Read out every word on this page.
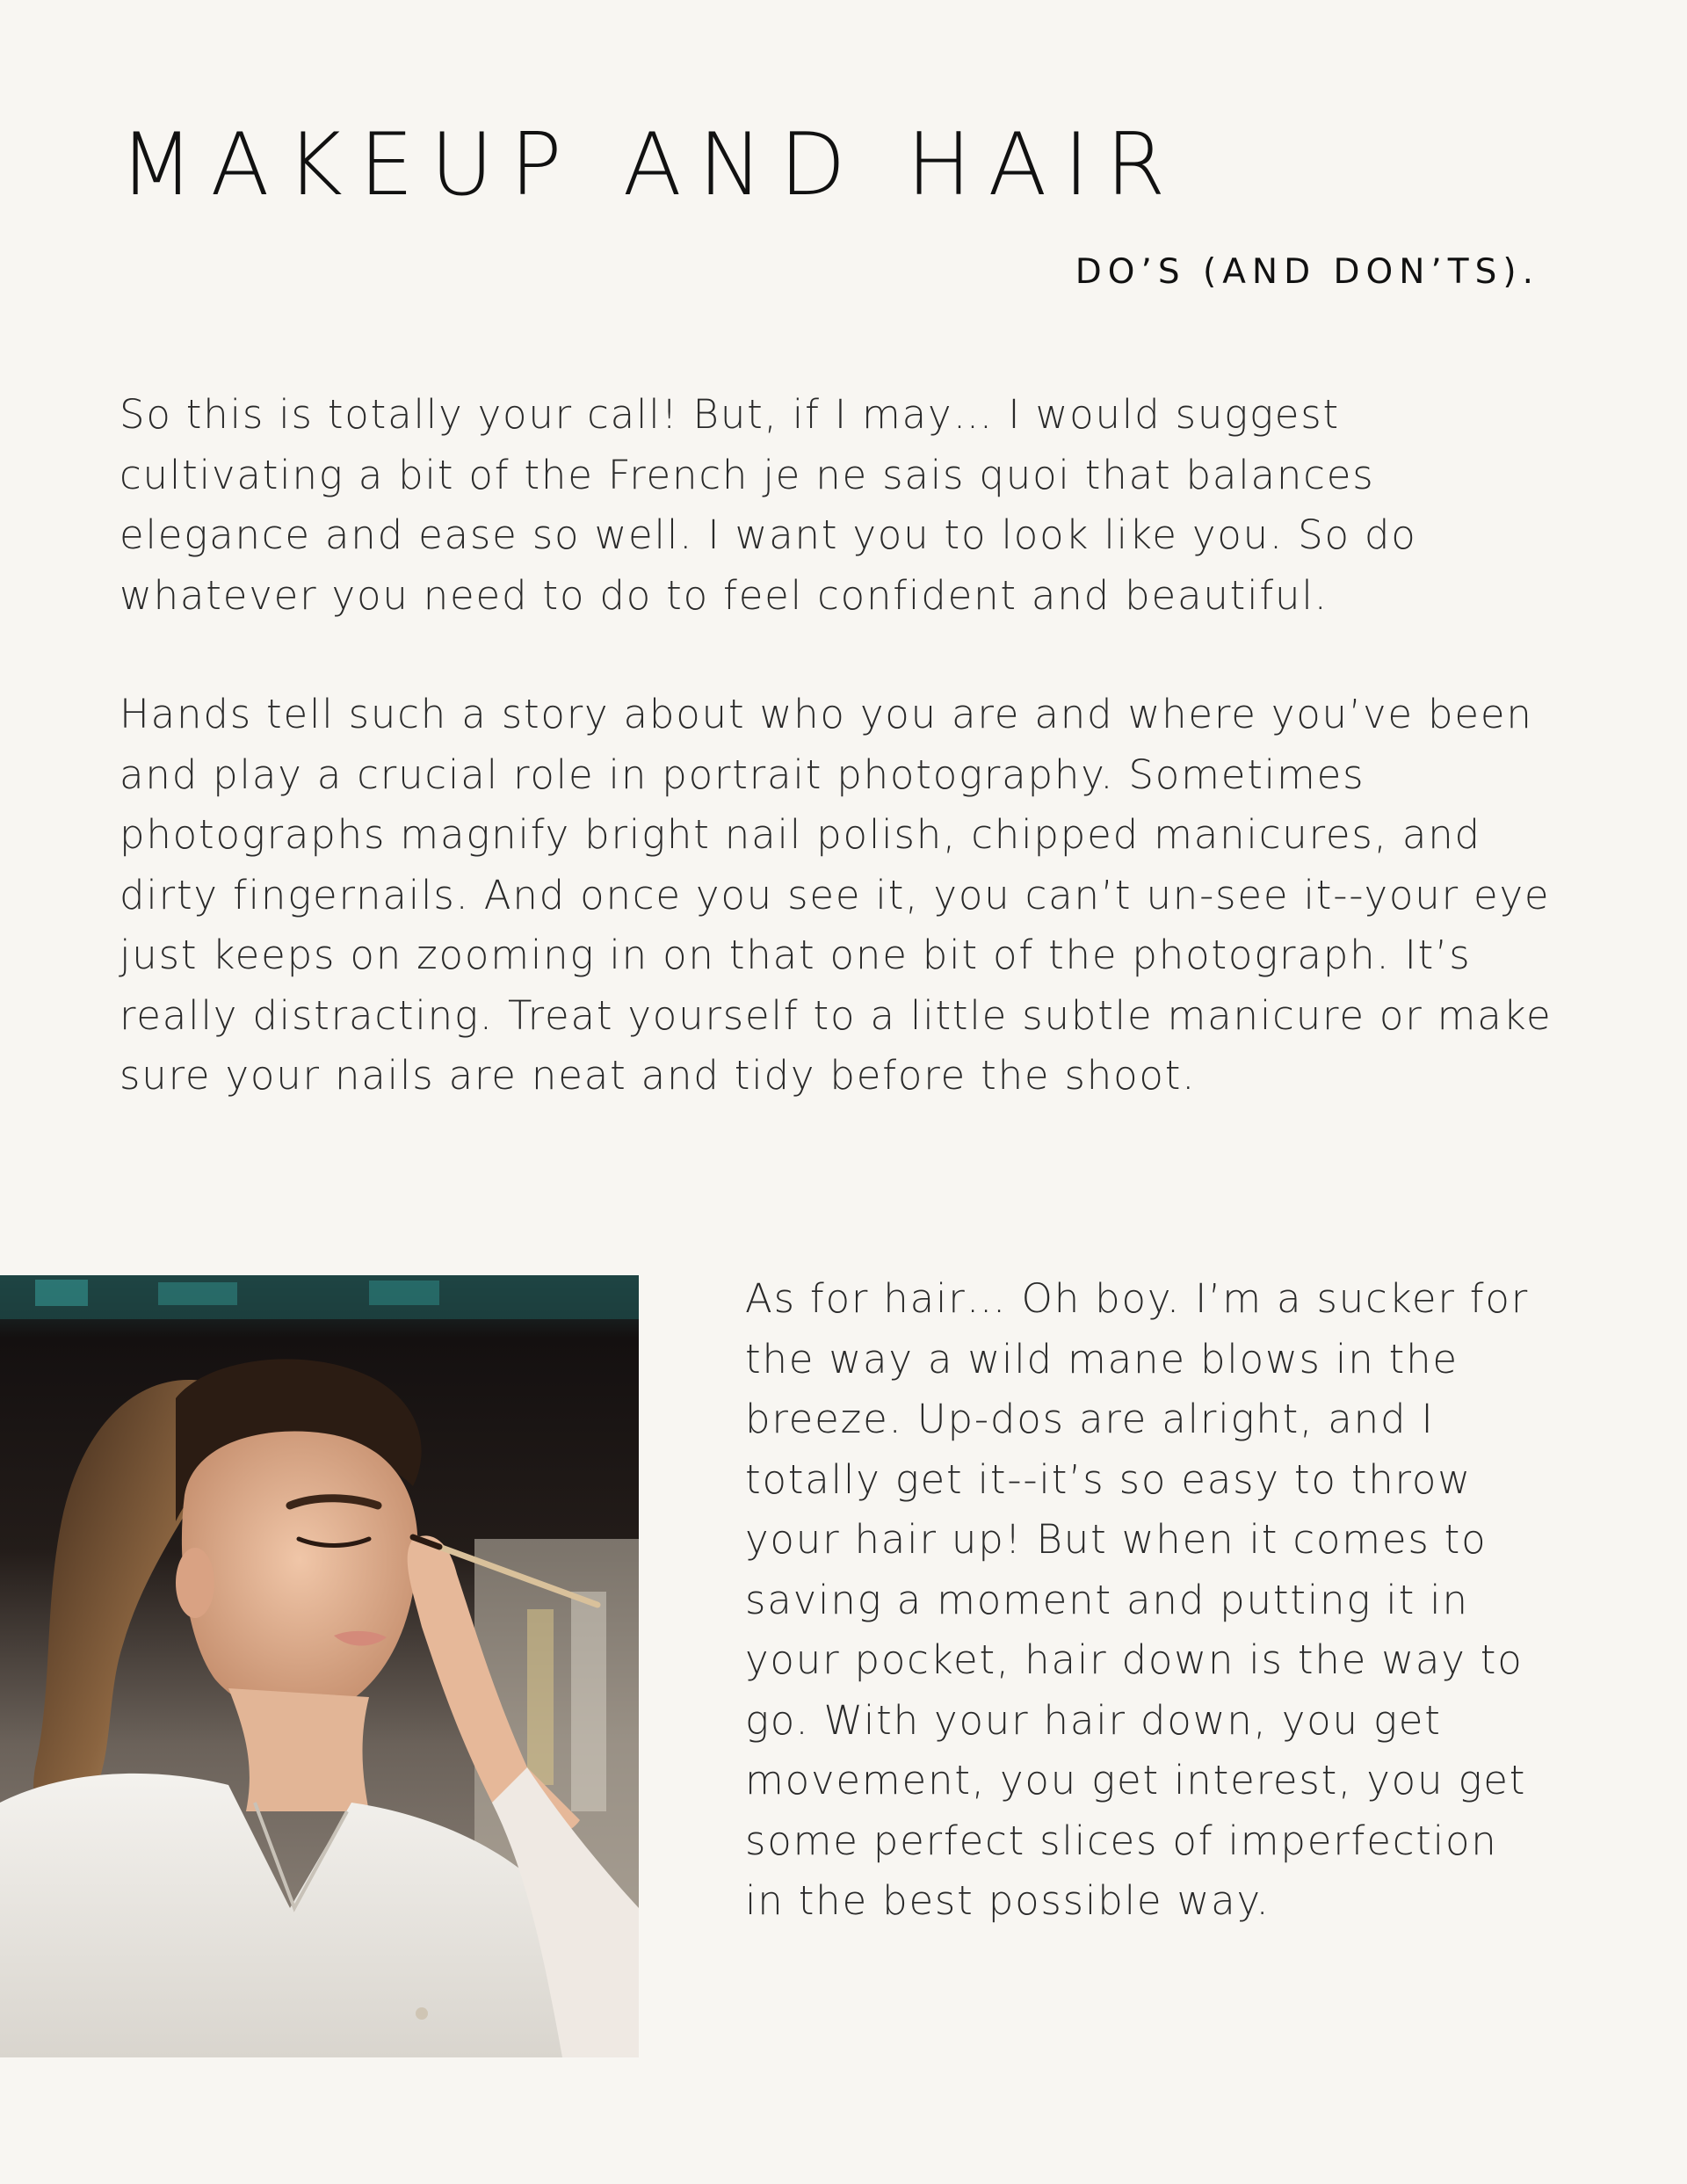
MAKEUP AND HAIR
DO’S (AND DON’TS).

So this is totally your call! But, if I may… I would suggest cultivating a bit of the French je ne sais quoi that balances elegance and ease so well. I want you to look like you. So do whatever you need to do to feel confident and beautiful.

Hands tell such a story about who you are and where you’ve been and play a crucial role in portrait photography. Sometimes photographs magnify bright nail polish, chipped manicures, and dirty fingernails. And once you see it, you can’t un-see it--your eye just keeps on zooming in on that one bit of the photograph. It’s really distracting. Treat yourself to a little subtle manicure or make sure your nails are neat and tidy before the shoot.

As for hair… Oh boy. I’m a sucker for the way a wild mane blows in the breeze. Up-dos are alright, and I totally get it--it’s so easy to throw your hair up! But when it comes to saving a moment and putting it in your pocket, hair down is the way to go. With your hair down, you get movement, you get interest, you get some perfect slices of imperfection in the best possible way.
